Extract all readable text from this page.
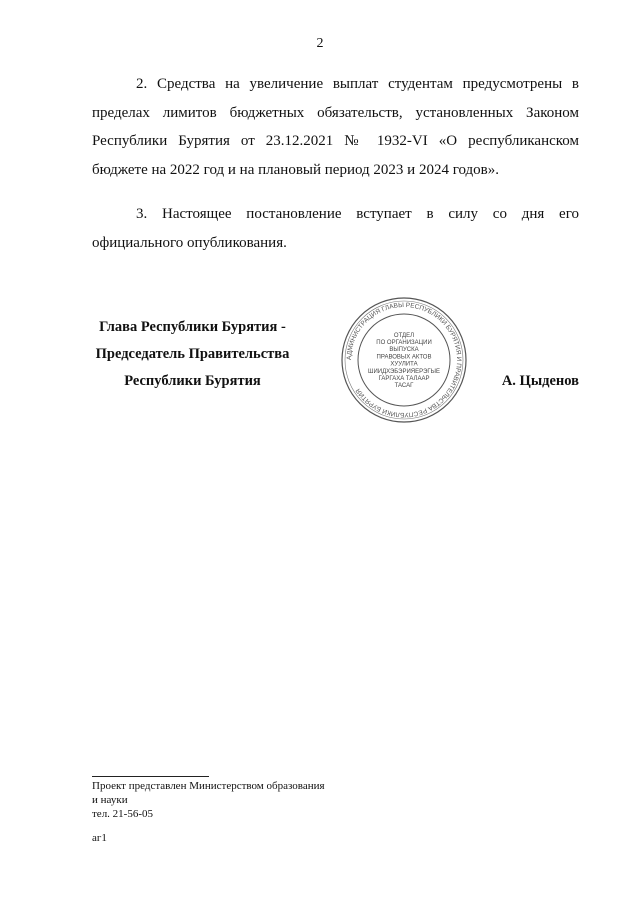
2
2. Средства на увеличение выплат студентам предусмотрены в пределах лимитов бюджетных обязательств, установленных Законом Республики Бурятия от 23.12.2021 № 1932-VI «О республиканском бюджете на 2022 год и на плановый период 2023 и 2024 годов».
3. Настоящее постановление вступает в силу со дня его официального опубликования.
Глава Республики Бурятия -
Председатель Правительства
Республики Бурятия
АДМИНИСТРАЦИЯ ГЛАВЫ РЕСПУБЛИКИ БУРЯТИЯ И ПРАВИТЕЛЬСТВА РЕСПУБЛИКИ БУРЯТИЯ
ОТДЕЛ
ПО ОРГАНИЗАЦИИ
ВЫПУСКА
ПРАВОВЫХ АКТОВ
ХУУЛИТА
ШИИДХЭБЭРИЯЕРЭГЫЕ
ГАРГАХА ТАЛААР
ТАСАГ	А. Цыденов
Проект представлен Министерством образования
и науки
тел. 21-56-05
аг1
